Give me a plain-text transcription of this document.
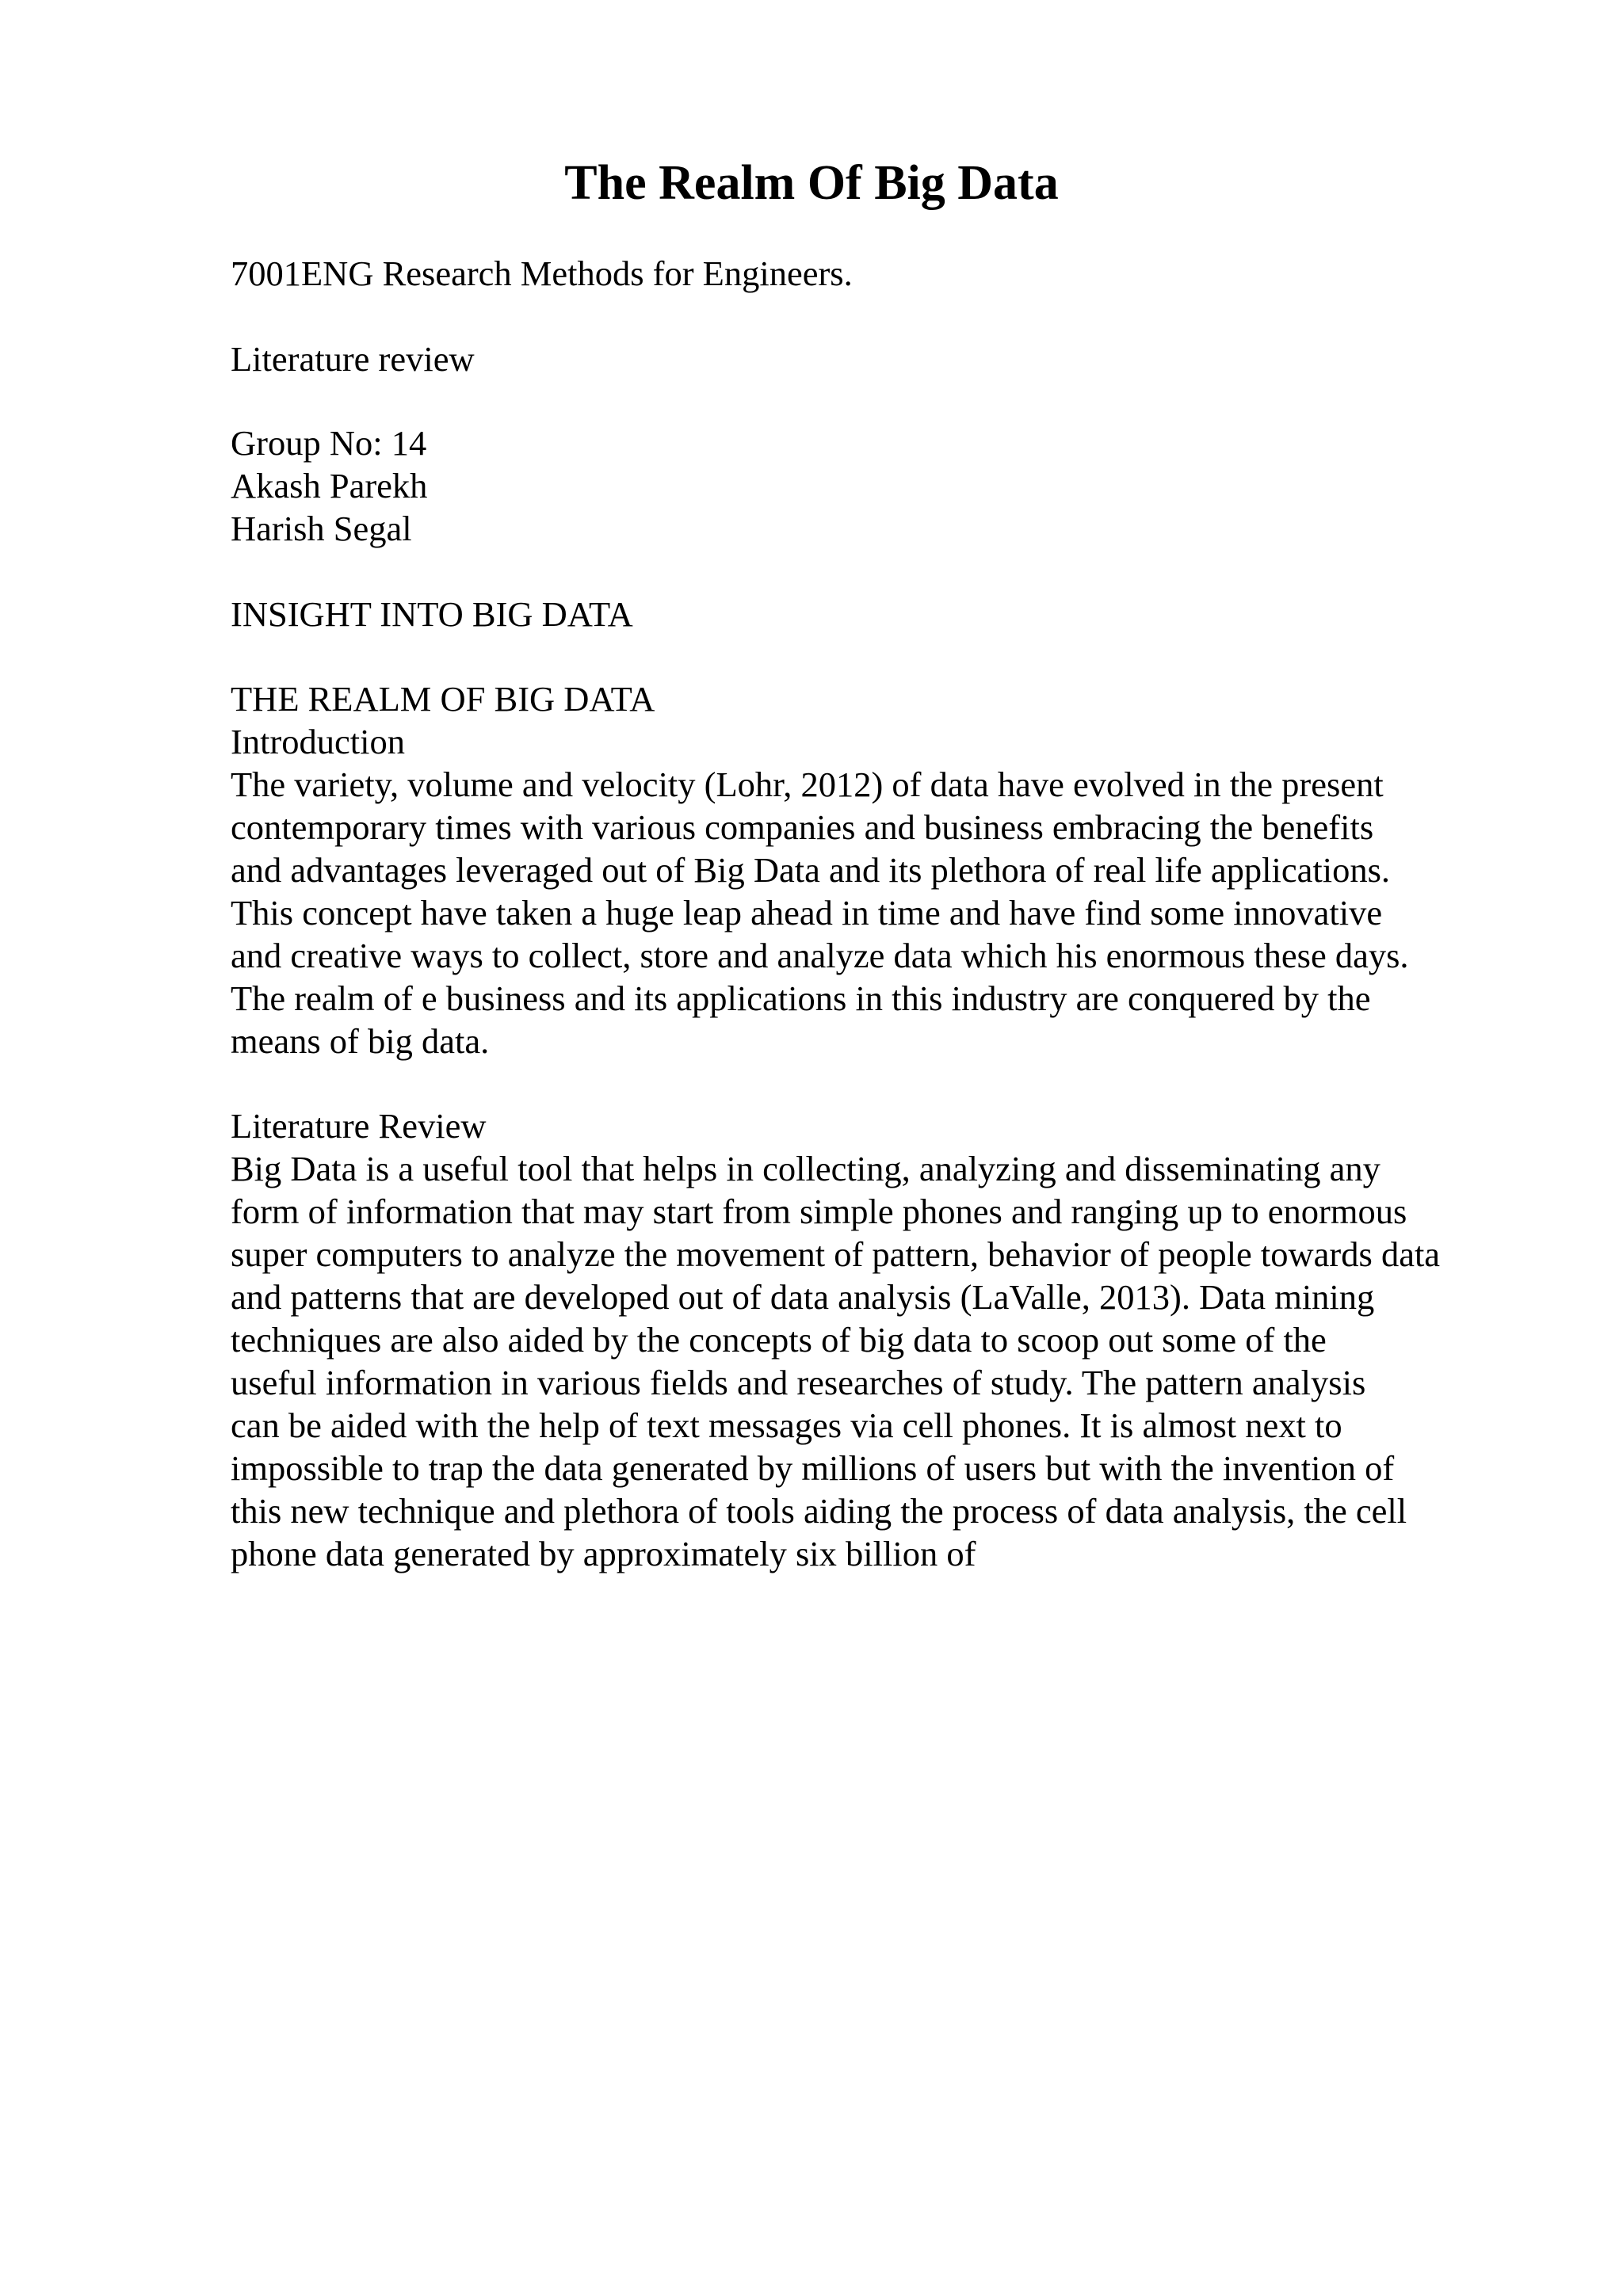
The Realm Of Big Data

7001ENG Research Methods for Engineers.

Literature review

Group No: 14
Akash Parekh
Harish Segal

INSIGHT INTO BIG DATA

THE REALM OF BIG DATA
Introduction
The variety, volume and velocity (Lohr, 2012) of data have evolved in the present
contemporary times with various companies and business embracing the benefits
and advantages leveraged out of Big Data and its plethora of real life applications.
This concept have taken a huge leap ahead in time and have find some innovative
and creative ways to collect, store and analyze data which his enormous these days.
The realm of e business and its applications in this industry are conquered by the
means of big data.
Literature Review
Big Data is a useful tool that helps in collecting, analyzing and disseminating any
form of information that may start from simple phones and ranging up to enormous
super computers to analyze the movement of pattern, behavior of people towards data
and patterns that are developed out of data analysis (LaValle, 2013). Data mining
techniques are also aided by the concepts of big data to scoop out some of the
useful information in various fields and researches of study. The pattern analysis
can be aided with the help of text messages via cell phones. It is almost next to
impossible to trap the data generated by millions of users but with the invention of
this new technique and plethora of tools aiding the process of data analysis, the cell
phone data generated by approximately six billion of
